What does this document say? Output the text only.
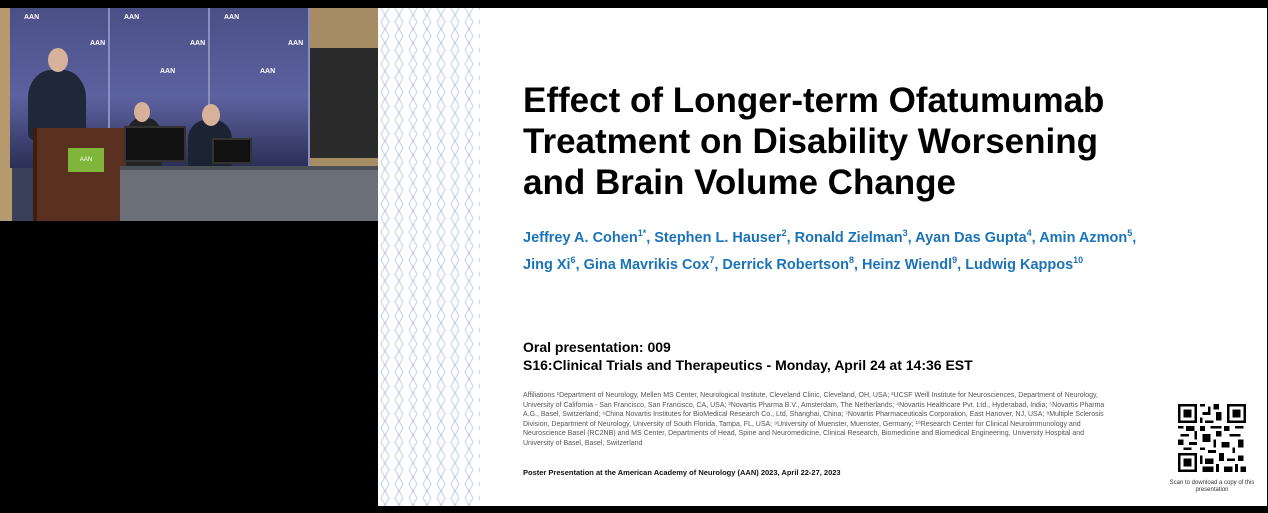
AAN	AAN	AAN
AAN	AAN	AAN
AAN	AAN
AAN
Effect of Longer-term Ofatumumab
Treatment on Disability Worsening
and Brain Volume Change
Jeffrey A. Cohen$^{1*}$, Stephen L. Hauser$^2$, Ronald Zielman$^3$, Ayan Das Gupta$^4$, Amin Azmon$^5$,
Jing Xi$^6$, Gina Mavrikis Cox$^7$, Derrick Robertson$^8$, Heinz Wiendl$^9$, Ludwig Kappos$^{10}$
Oral presentation: 009
S16:Clinical Trials and Therapeutics - Monday, April 24 at 14:36 EST
Affiliations ¹Department of Neurology, Mellen MS Center, Neurological Institute, Cleveland Clinic, Cleveland, OH, USA; ²UCSF Weill Institute for Neurosciences, Department of Neurology, University of California - San Francisco, San Francisco, CA, USA; ³Novartis Pharma B.V., Amsterdam, The Netherlands; ⁴Novartis Healthcare Pvt. Ltd., Hyderabad, India; ⁵Novartis Pharma A.G., Basel, Switzerland; ⁶China Novartis Institutes for BioMedical Research Co., Ltd, Shanghai, China; ⁷Novartis Pharmaceuticals Corporation, East Hanover, NJ, USA; ⁸Multiple Sclerosis Division, Department of Neurology, University of South Florida, Tampa, FL, USA; ⁹University of Muenster, Muenster, Germany; ¹⁰Research Center for Clinical Neuroimmunology and Neuroscience Basel (RC2NB) and MS Center, Departments of Head, Spine and Neuromedicine, Clinical Research, Biomedicine and Biomedical Engineering, University Hospital and University of Basel, Basel, Switzerland
Poster Presentation at the American Academy of Neurology (AAN) 2023, April 22-27, 2023
Scan to download a copy of this presentation
